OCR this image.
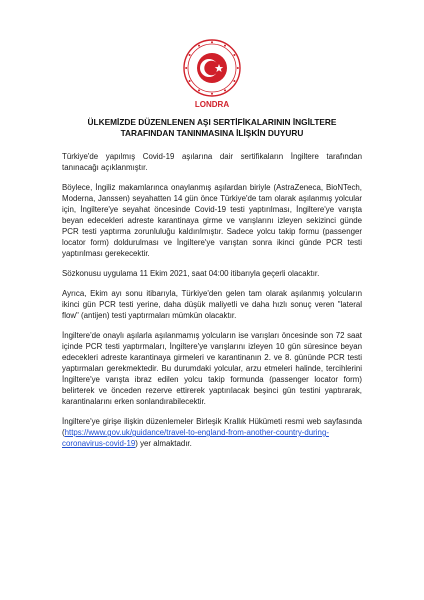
LONDRA
ÜLKEMİZDE DÜZENLENEN AŞI SERTİFİKALARININ İNGİLTERE
TARAFINDAN TANINMASINA İLİŞKİN DUYURU

Türkiye'de yapılmış Covid-19 aşılarına dair sertifikaların İngiltere tarafından tanınacağı açıklanmıştır.

Böylece, İngiliz makamlarınca onaylanmış aşılardan biriyle (AstraZeneca, BioNTech, Moderna, Janssen) seyahatten 14 gün önce Türkiye'de tam olarak aşılanmış yolcular için, İngiltere'ye seyahat öncesinde Covid-19 testi yaptırılması, İngiltere'ye varışta beyan edecekleri adreste karantinaya girme ve varışlarını izleyen sekizinci günde PCR testi yaptırma zorunluluğu kaldırılmıştır. Sadece yolcu takip formu (passenger locator form) doldurulması ve İngiltere'ye varıştan sonra ikinci günde PCR testi yaptırılması gerekecektir.

Sözkonusu uygulama 11 Ekim 2021, saat 04:00 itibarıyla geçerli olacaktır.

Ayrıca, Ekim ayı sonu itibarıyla, Türkiye'den gelen tam olarak aşılanmış yolcuların ikinci gün PCR testi yerine, daha düşük maliyetli ve daha hızlı sonuç veren "lateral flow" (antijen) testi yaptırmaları mümkün olacaktır.

İngiltere'de onaylı aşılarla aşılanmamış yolcuların ise varışları öncesinde son 72 saat içinde PCR testi yaptırmaları, İngiltere'ye varışlarını izleyen 10 gün süresince beyan edecekleri adreste karantinaya girmeleri ve karantinanın 2. ve 8. gününde PCR testi yaptırmaları gerekmektedir. Bu durumdaki yolcular, arzu etmeleri halinde, tercihlerini İngiltere'ye varışta ibraz edilen yolcu takip formunda (passenger locator form) belirterek ve önceden rezerve ettirerek yaptırılacak beşinci gün testini yaptırarak, karantinalarını erken sonlandırabilecektir.

İngiltere'ye girişe ilişkin düzenlemeler Birleşik Krallık Hükümeti resmi web sayfasında (https://www.gov.uk/guidance/travel-to-england-from-another-country-during-coronavirus-covid-19) yer almaktadır.
